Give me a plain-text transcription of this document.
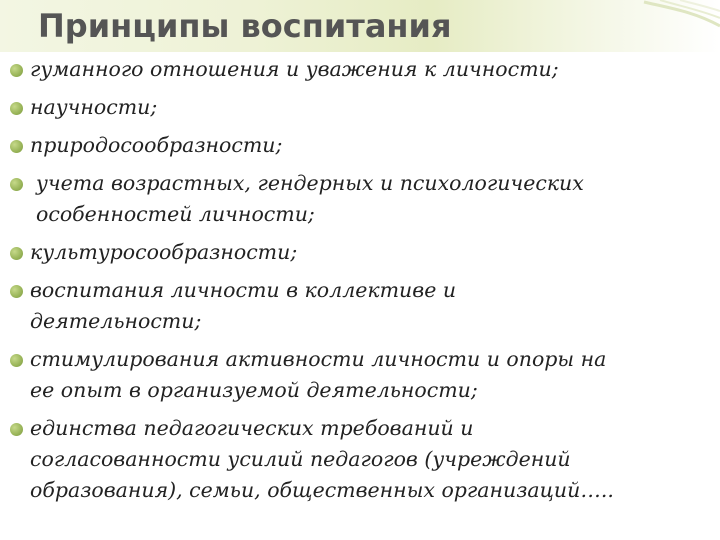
Принципы воспитания
гуманного отношения и уважения к личности;
научности;
природосообразности;
учета возрастных, гендерных и психологических
особенностей личности;
культуросообразности;
воспитания личности в коллективе и
деятельности;
стимулирования активности личности и опоры на
ее опыт в организуемой деятельности;
единства педагогических требований и
согласованности усилий педагогов (учреждений
образования), семьи, общественных организаций…..
